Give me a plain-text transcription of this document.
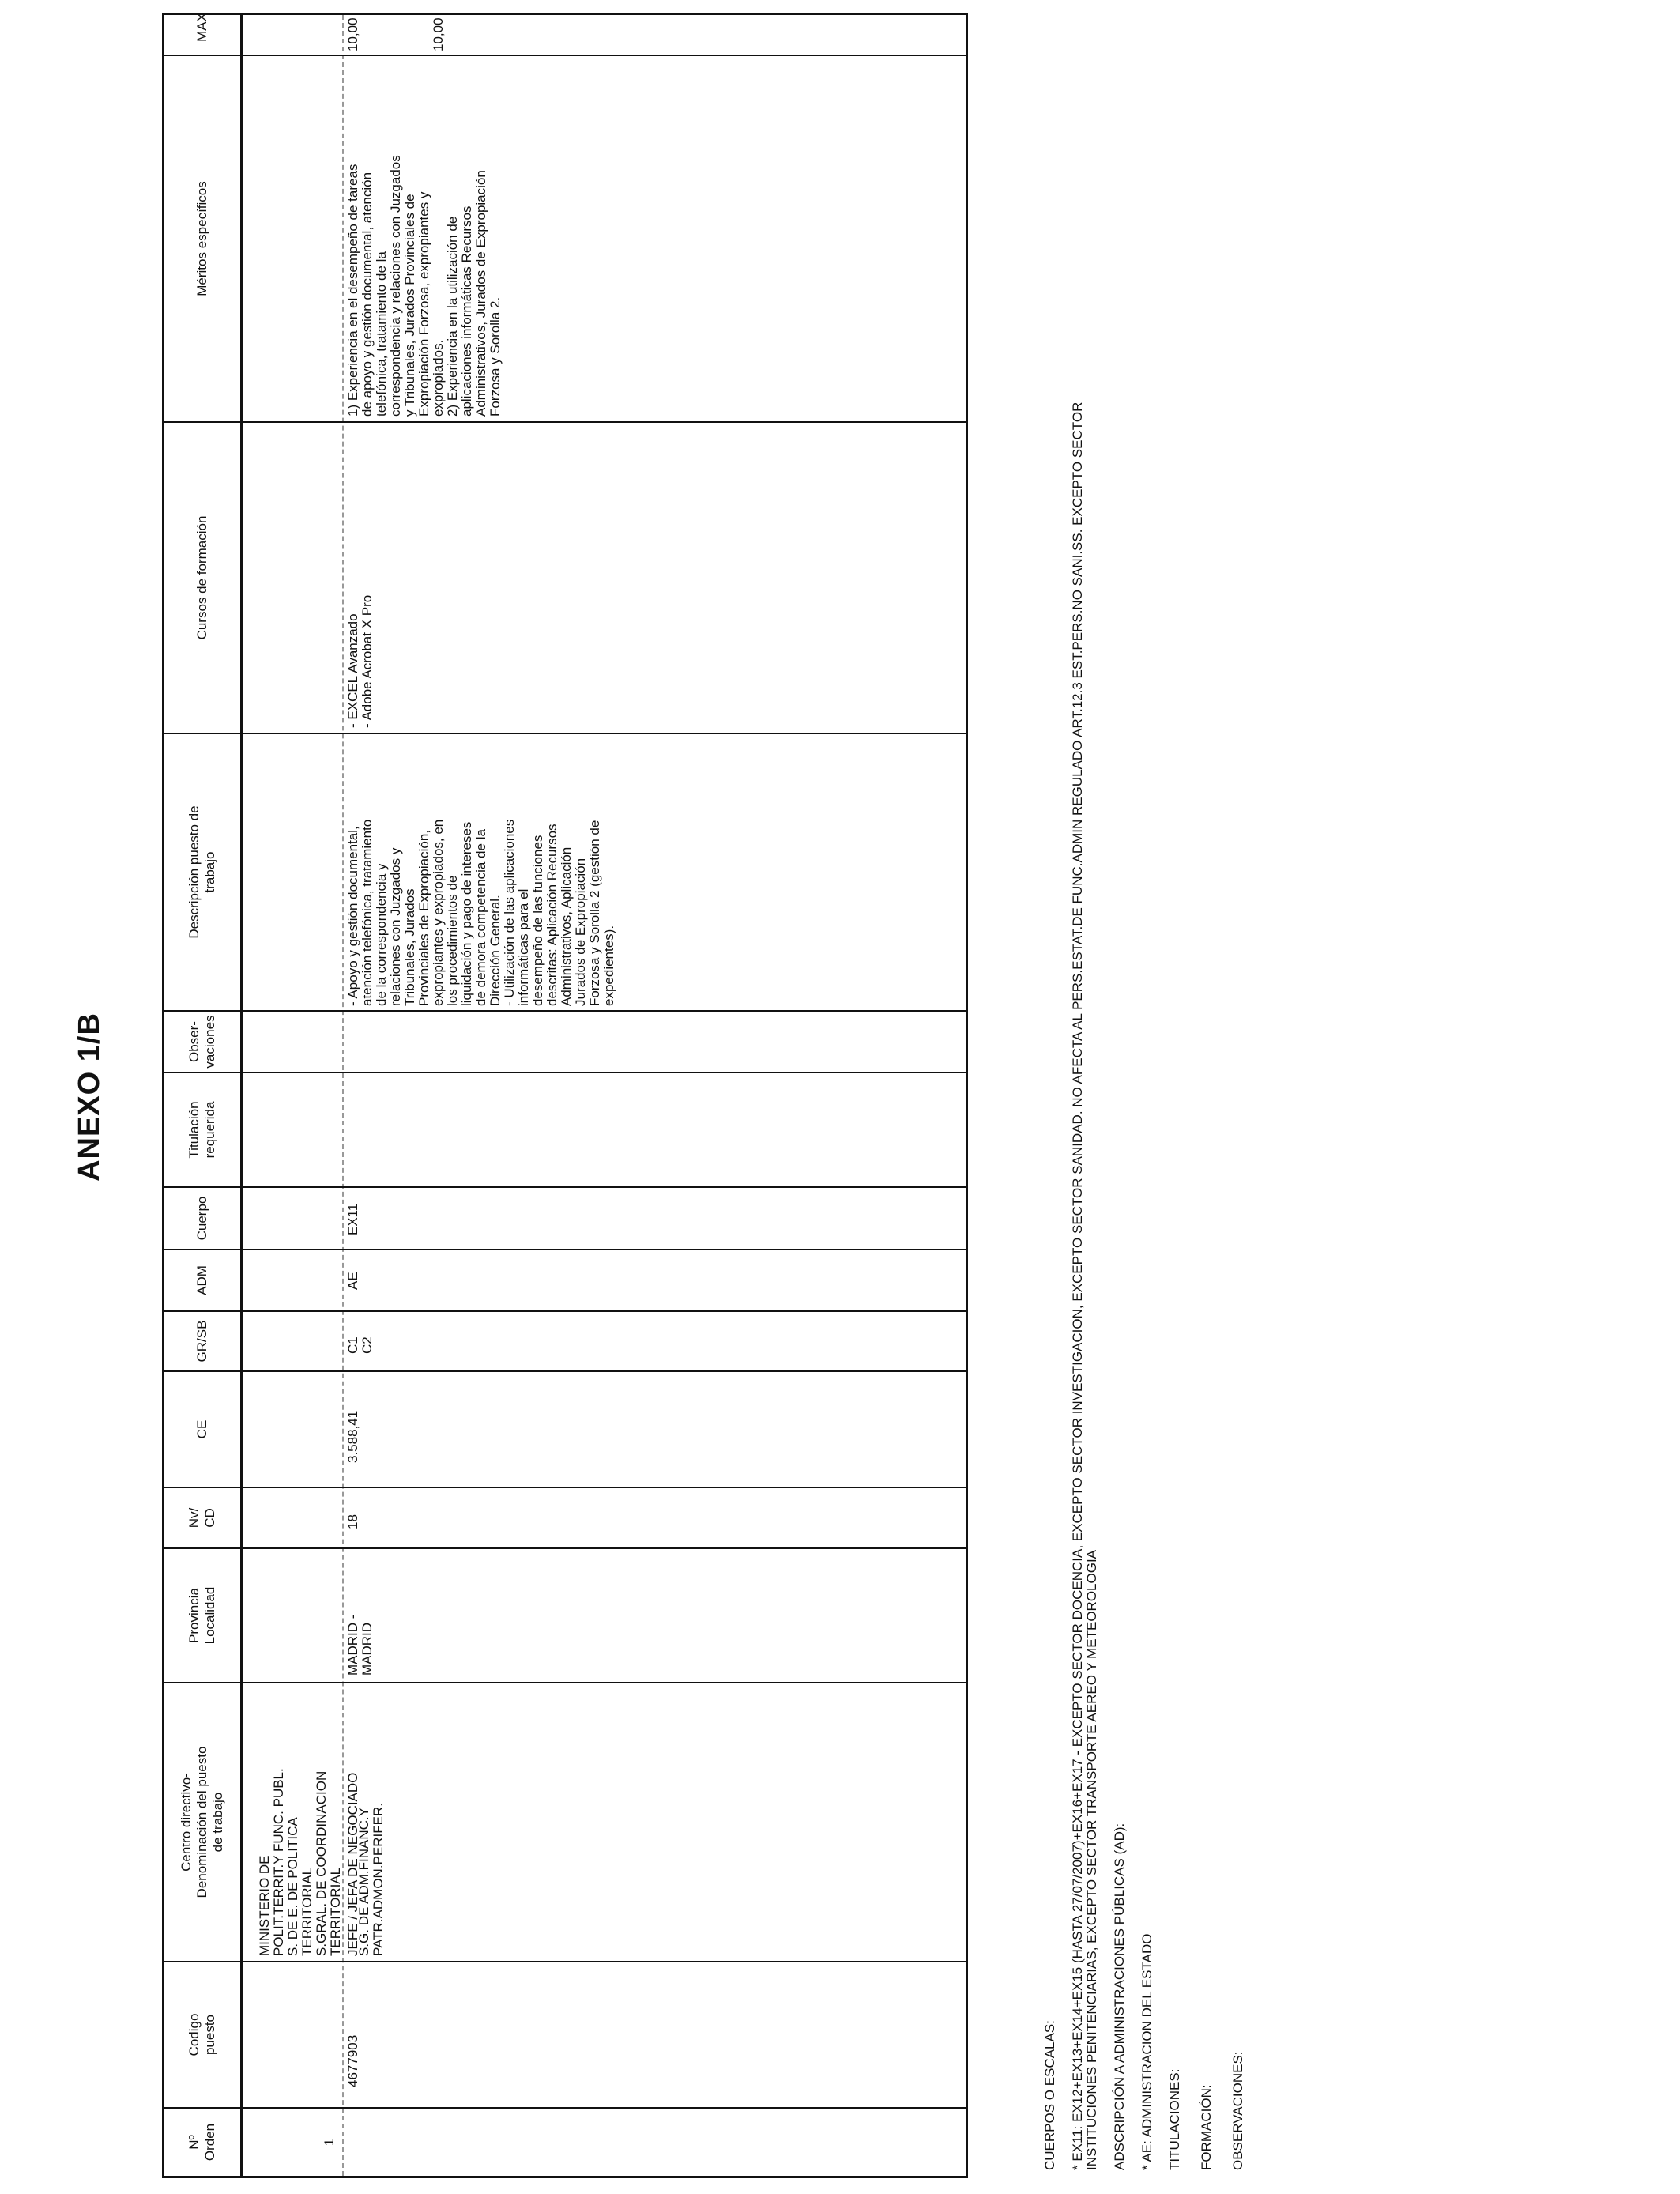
ANEXO 1/B
Nº
Orden
Codigo
puesto
Centro directivo-
Denominación del puesto
de trabajo
Provincia
Localidad
Nv/
CD
CE
GR/SB
ADM
Cuerpo
Titulación
requerida
Obser-
vaciones
Descripción puesto de
trabajo
Cursos de formación
Méritos específicos
MAX
MINISTERIO DE
POLIT.TERRIT.Y FUNC. PUBL.
S. DE E. DE POLITICA
TERRITORIAL
S.GRAL. DE COORDINACION
TERRITORIAL

S.G. DE ADM.FINANC.Y
PATR.ADMON.PERIFER.
1
4677903
JEFE / JEFA DE NEGOCIADO
MADRID -
MADRID
18
3.588,41
C1
C2
AE
EX11
- Apoyo y gestión documental,
atención telefónica, tratamiento
de la correspondencia y
relaciones con Juzgados y
Tribunales, Jurados
Provinciales de Expropiación,
expropiantes y expropiados, en
los procedimientos de
liquidación y pago de intereses
de demora competencia de la
Dirección General.
- Utilización de las aplicaciones
informáticas para el
desempeño de las funciones
descritas: Aplicación Recursos
Administrativos, Aplicación
Jurados de Expropiación
Forzosa y Sorolla 2 (gestión de
expedientes).
- EXCEL Avanzado
- Adobe Acrobat X Pro
1) Experiencia en el desempeño de tareas
de apoyo y gestión documental, atención
telefónica, tratamiento de la
correspondencia y relaciones con Juzgados
y Tribunales, Jurados Provinciales de
Expropiación Forzosa, expropiantes y
expropiados.
2) Experiencia en la utilización de
aplicaciones informáticas Recursos
Administrativos, Jurados de Expropiación
Forzosa y Sorolla 2.
10,00	10,00
CUERPOS O ESCALAS: * EX11: EX12+EX13+EX14+EX15 (HASTA 27/07/2007)+EX16+EX17 - EXCEPTO SECTOR DOCENCIA, EXCEPTO SECTOR INVESTIGACION, EXCEPTO SECTOR SANIDAD. NO AFECTA AL PERS.ESTAT.DE FUNC.ADMIN REGULADO ART.12.3 EST.PERS.NO SANI.SS. EXCEPTO SECTOR
INSTITUCIONES PENITENCIARIAS, EXCEPTO SECTOR TRANSPORTE AEREO Y METEOROLOGIA
ADSCRIPCIÓN A ADMINISTRACIONES PÚBLICAS (AD): * AE: ADMINISTRACION DEL ESTADO TITULACIONES: FORMACIÓN: OBSERVACIONES:
